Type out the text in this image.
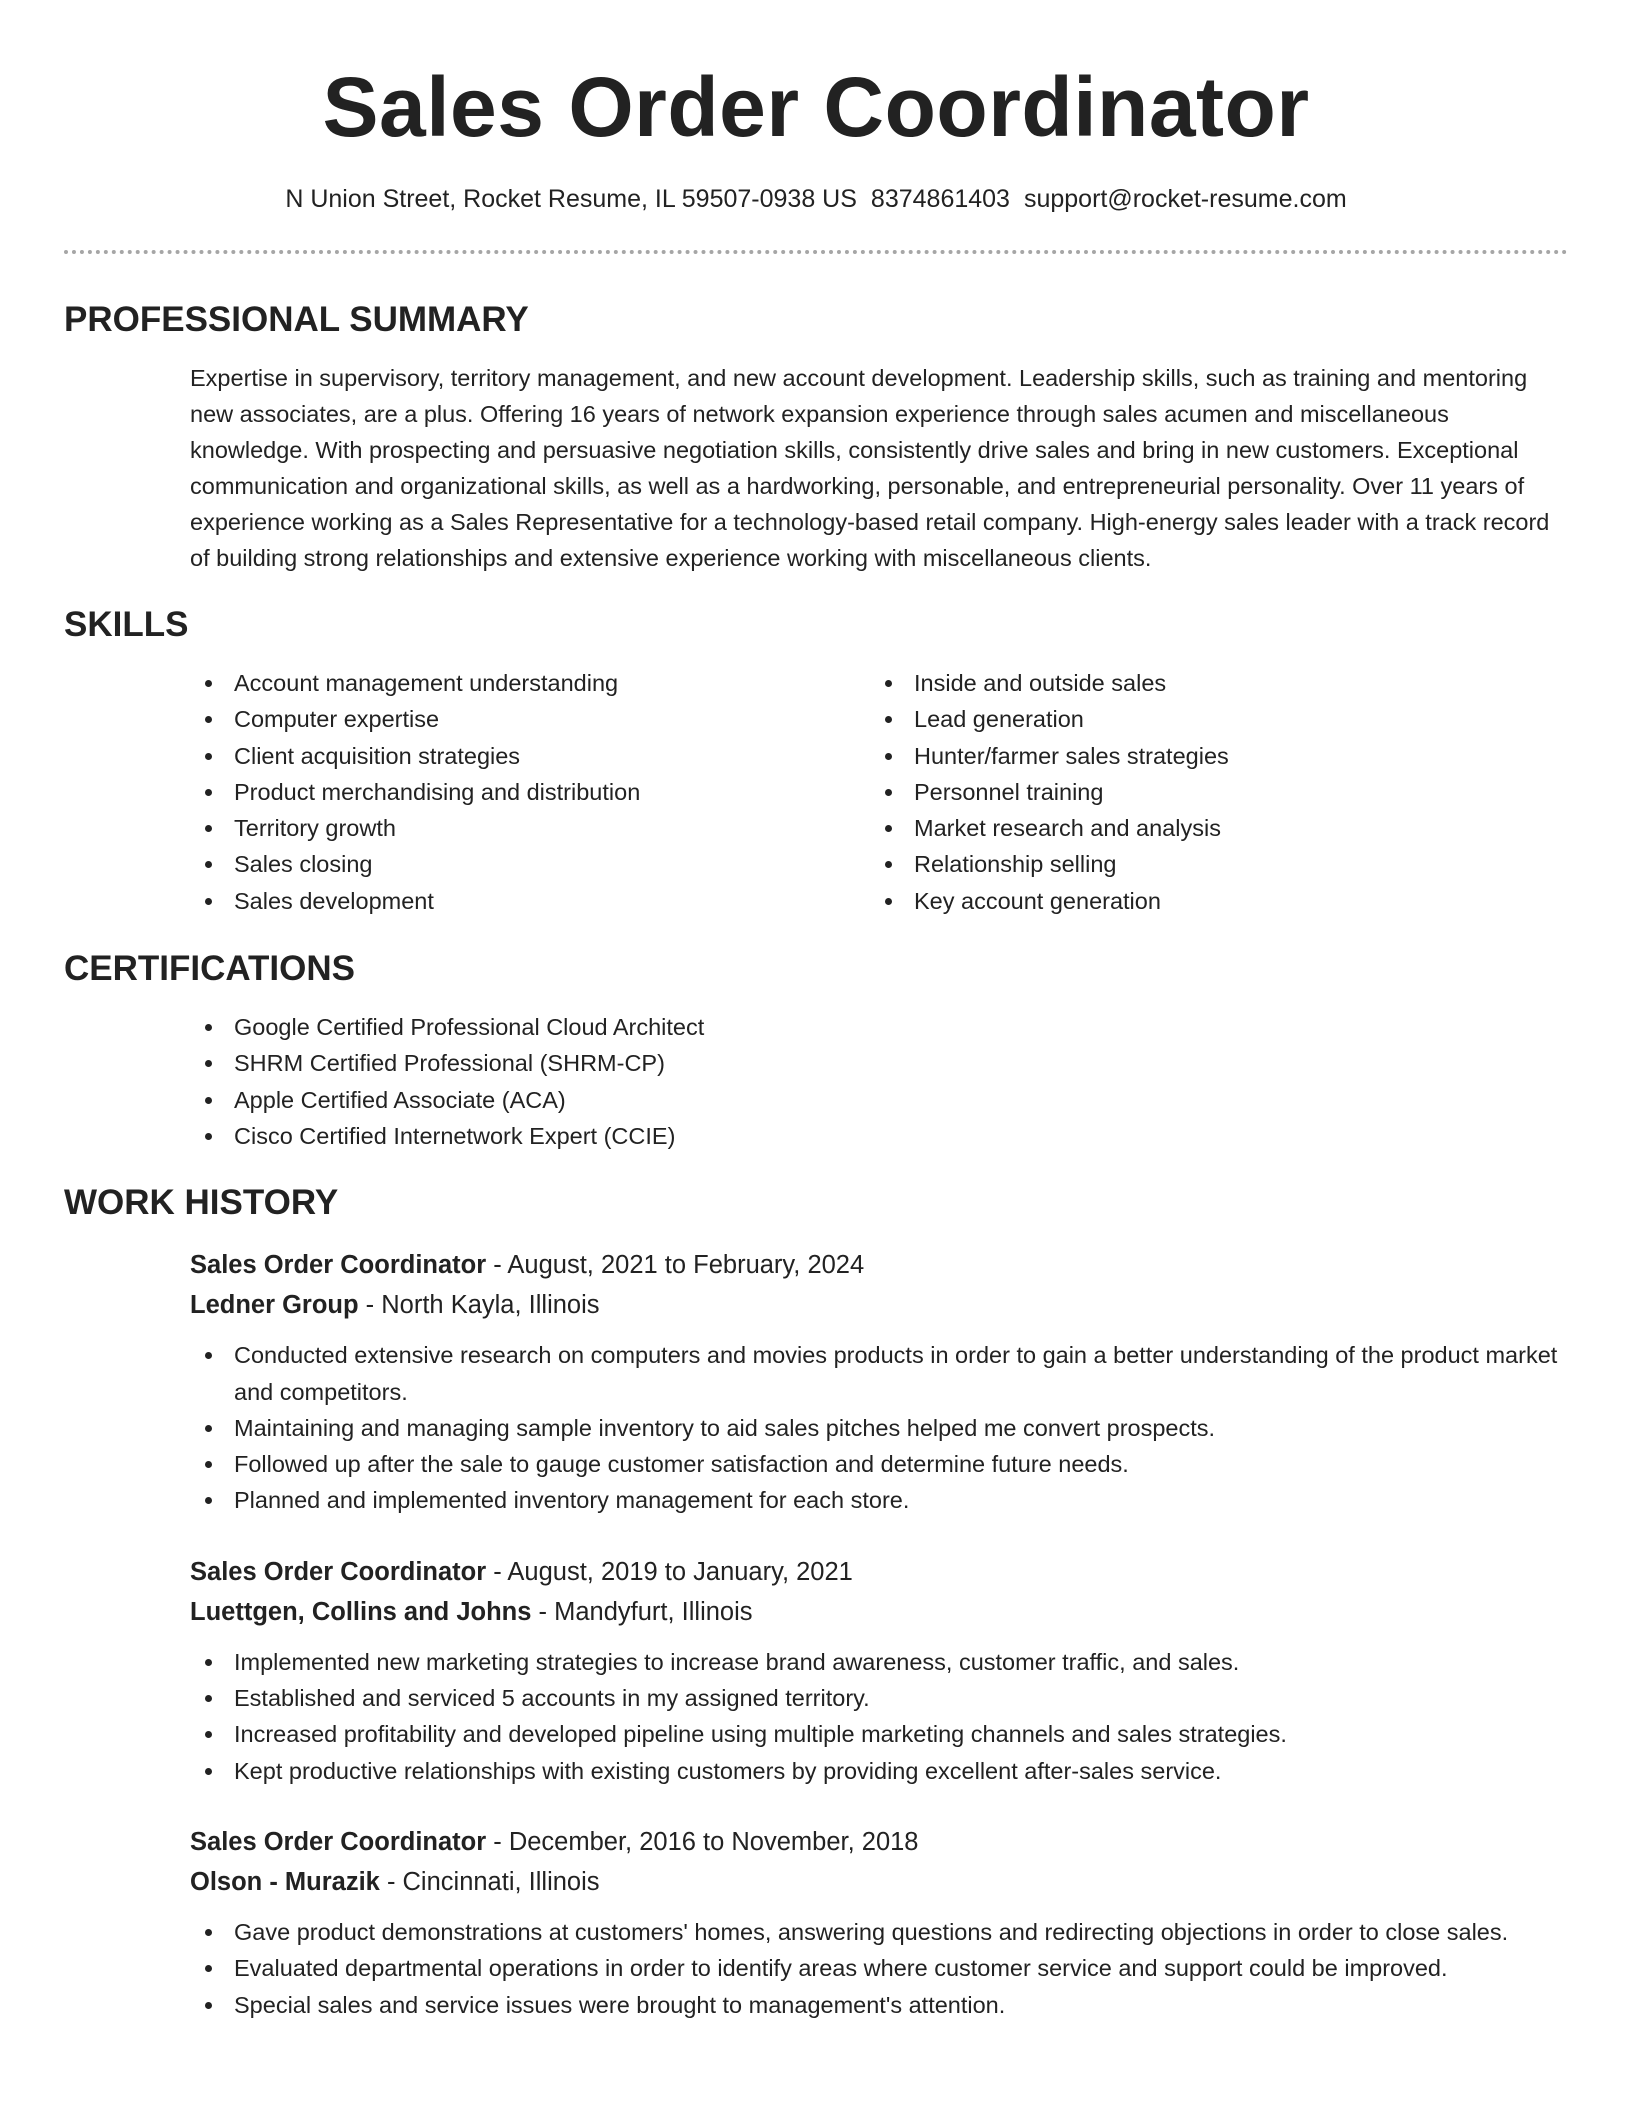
Sales Order Coordinator
N Union Street, Rocket Resume, IL 59507-0938 US 8374861403 support@rocket-resume.com
PROFESSIONAL SUMMARY

Expertise in supervisory, territory management, and new account development. Leadership skills, such as training and mentoring new associates, are a plus. Offering 16 years of network expansion experience through sales acumen and miscellaneous knowledge. With prospecting and persuasive negotiation skills, consistently drive sales and bring in new customers. Exceptional communication and organizational skills, as well as a hardworking, personable, and entrepreneurial personality. Over 11 years of experience working as a Sales Representative for a technology-based retail company. High-energy sales leader with a track record of building strong relationships and extensive experience working with miscellaneous clients.

SKILLS
Account management understanding
Computer expertise
Client acquisition strategies
Product merchandising and distribution
Territory growth
Sales closing
Sales development
Inside and outside sales
Lead generation
Hunter/farmer sales strategies
Personnel training
Market research and analysis
Relationship selling
Key account generation
CERTIFICATIONS
Google Certified Professional Cloud Architect
SHRM Certified Professional (SHRM-CP)
Apple Certified Associate (ACA)
Cisco Certified Internetwork Expert (CCIE)
WORK HISTORY
Sales Order Coordinator - August, 2021 to February, 2024
Ledner Group - North Kayla, Illinois
Conducted extensive research on computers and movies products in order to gain a better understanding of the product market and competitors.
Maintaining and managing sample inventory to aid sales pitches helped me convert prospects.
Followed up after the sale to gauge customer satisfaction and determine future needs.
Planned and implemented inventory management for each store.
Sales Order Coordinator - August, 2019 to January, 2021
Luettgen, Collins and Johns - Mandyfurt, Illinois
Implemented new marketing strategies to increase brand awareness, customer traffic, and sales.
Established and serviced 5 accounts in my assigned territory.
Increased profitability and developed pipeline using multiple marketing channels and sales strategies.
Kept productive relationships with existing customers by providing excellent after-sales service.
Sales Order Coordinator - December, 2016 to November, 2018
Olson - Murazik - Cincinnati, Illinois
Gave product demonstrations at customers' homes, answering questions and redirecting objections in order to close sales.
Evaluated departmental operations in order to identify areas where customer service and support could be improved.
Special sales and service issues were brought to management's attention.
